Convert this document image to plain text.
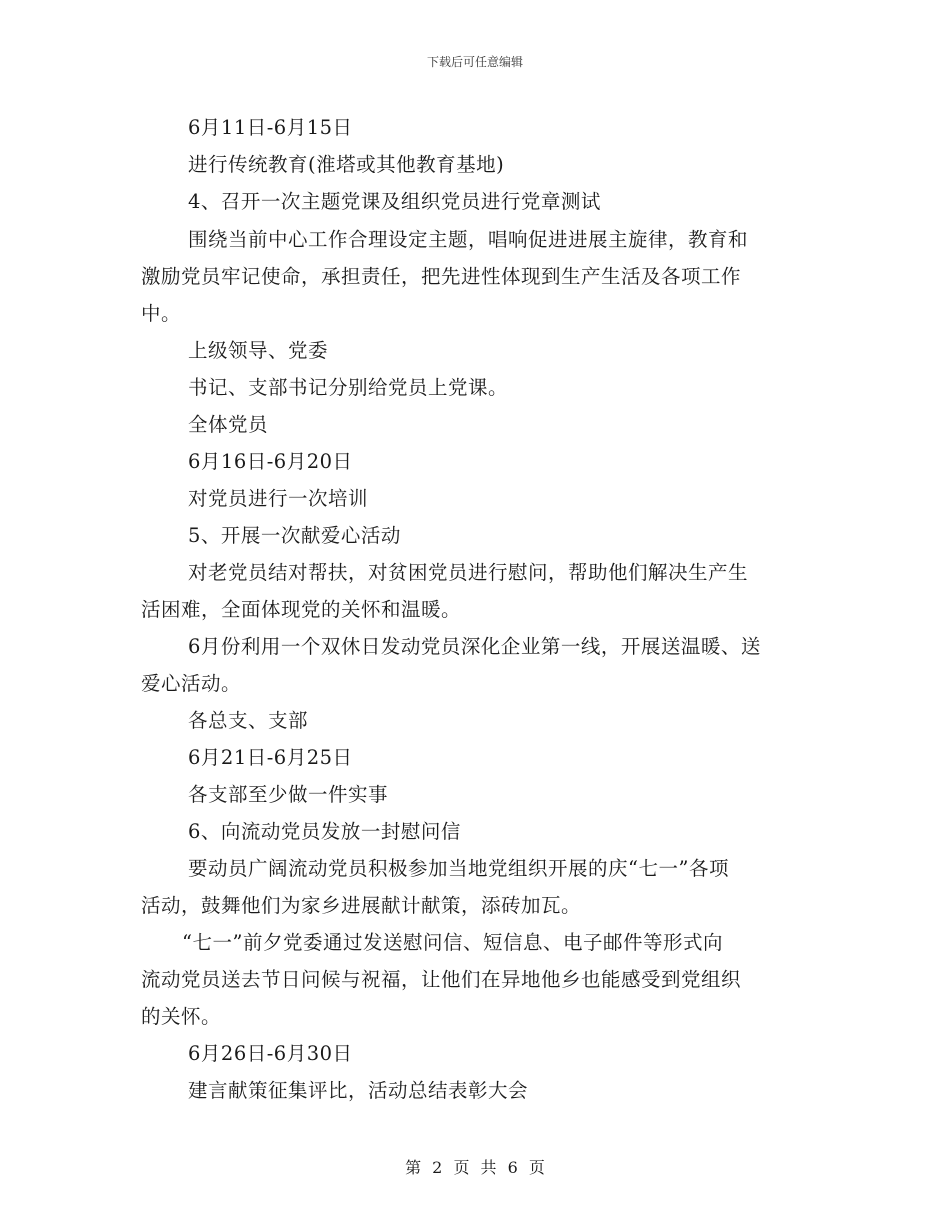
下载后可任意编辑
6月11日-6月15日
进行传统教育(淮塔或其他教育基地)
4、召开一次主题党课及组织党员进行党章测试
围绕当前中心工作合理设定主题，唱响促进进展主旋律，教育和
激励党员牢记使命，承担责任，把先进性体现到生产生活及各项工作
中。
上级领导、党委
书记、支部书记分别给党员上党课。
全体党员
6月16日-6月20日
对党员进行一次培训
5、开展一次献爱心活动
对老党员结对帮扶，对贫困党员进行慰问，帮助他们解决生产生
活困难，全面体现党的关怀和温暖。
6月份利用一个双休日发动党员深化企业第一线，开展送温暖、送
爱心活动。
各总支、支部
6月21日-6月25日
各支部至少做一件实事
6、向流动党员发放一封慰问信
要动员广阔流动党员积极参加当地党组织开展的庆“七一”各项
活动，鼓舞他们为家乡进展献计献策，添砖加瓦。
“七一”前夕党委通过发送慰问信、短信息、电子邮件等形式向
流动党员送去节日问候与祝福，让他们在异地他乡也能感受到党组织
的关怀。
6月26日-6月30日
建言献策征集评比，活动总结表彰大会
第 2 页 共 6 页
